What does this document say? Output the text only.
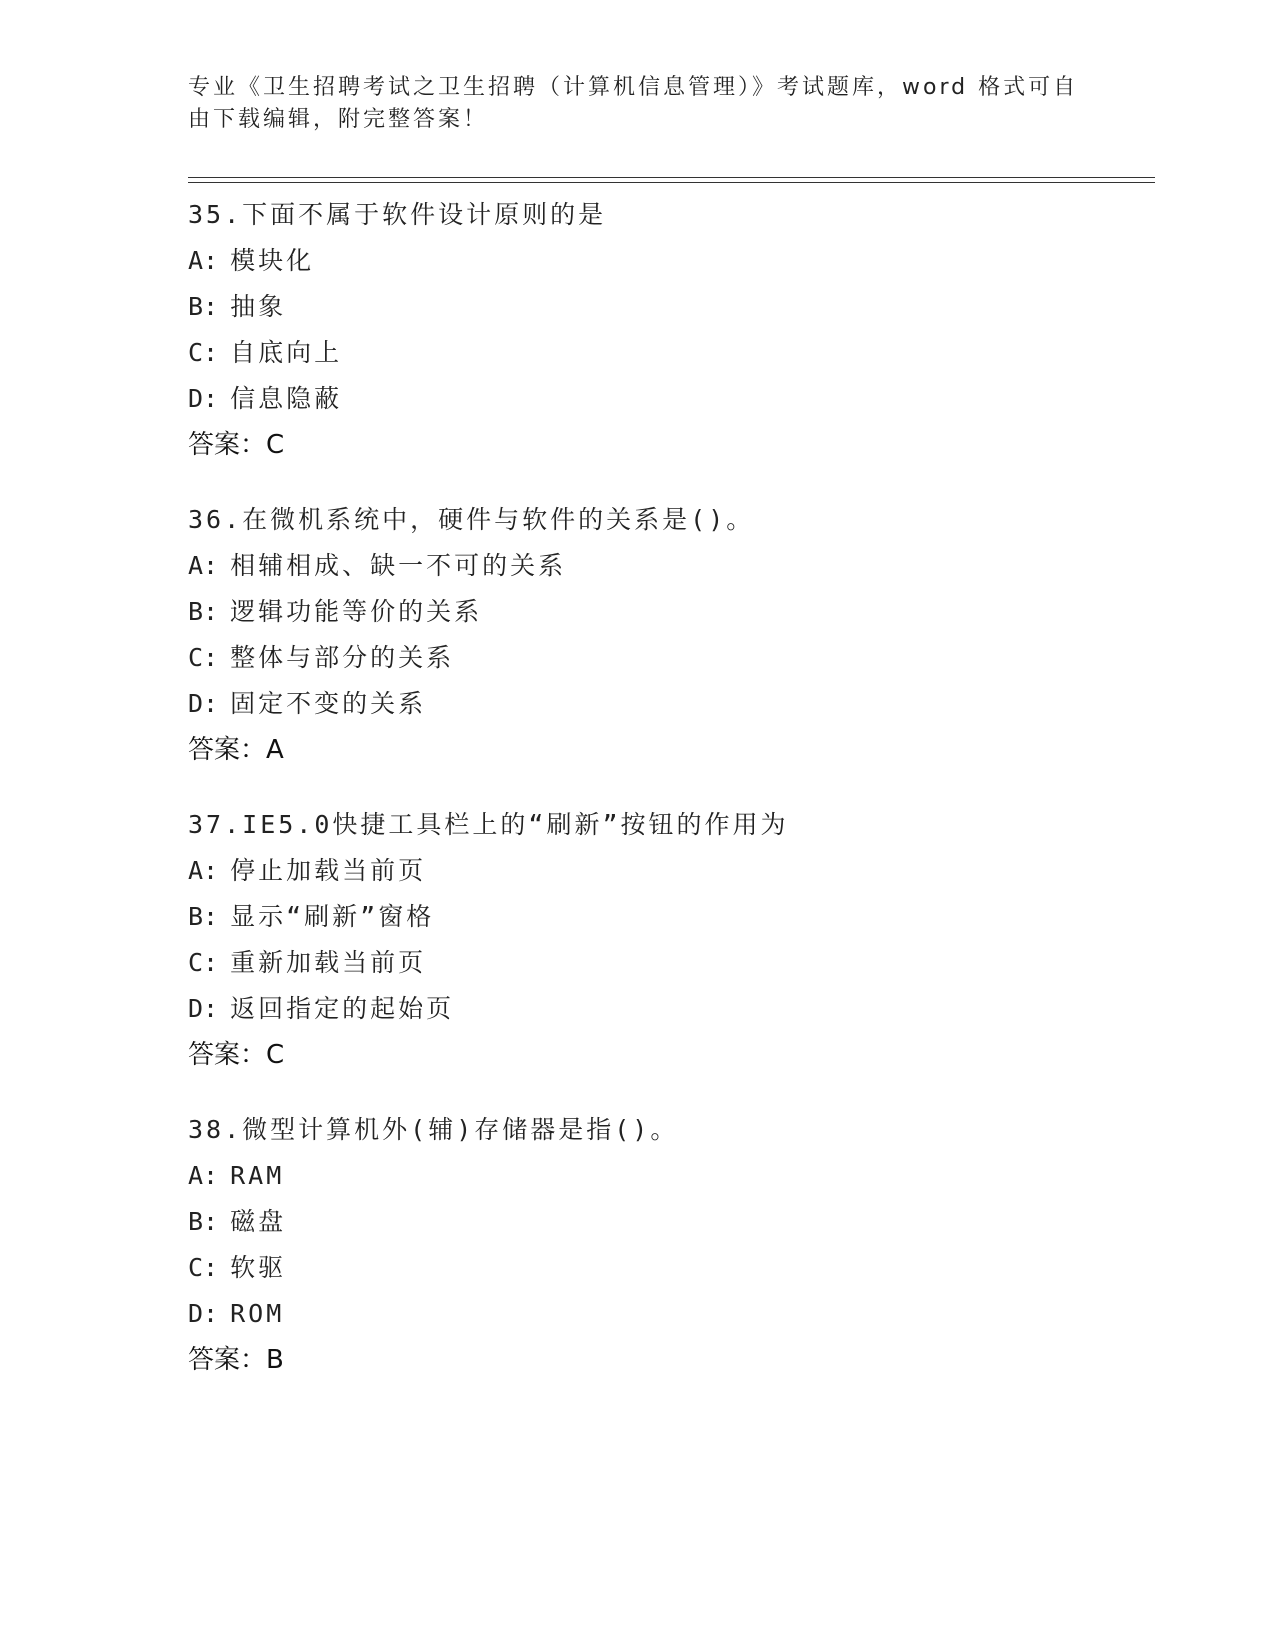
专业《卫生招聘考试之卫生招聘（计算机信息管理）》考试题库，word 格式可自
由下载编辑，附完整答案！
35.下面不属于软件设计原则的是
A: 模块化
B: 抽象
C: 自底向上
D: 信息隐蔽
答案：C
36.在微机系统中，硬件与软件的关系是()。
A: 相辅相成、缺一不可的关系
B: 逻辑功能等价的关系
C: 整体与部分的关系
D: 固定不变的关系
答案：A
37.IE5.0快捷工具栏上的“刷新”按钮的作用为
A: 停止加载当前页
B: 显示“刷新”窗格
C: 重新加载当前页
D: 返回指定的起始页
答案：C
38.微型计算机外(辅)存储器是指()。
A: RAM
B: 磁盘
C: 软驱
D: ROM
答案：B
